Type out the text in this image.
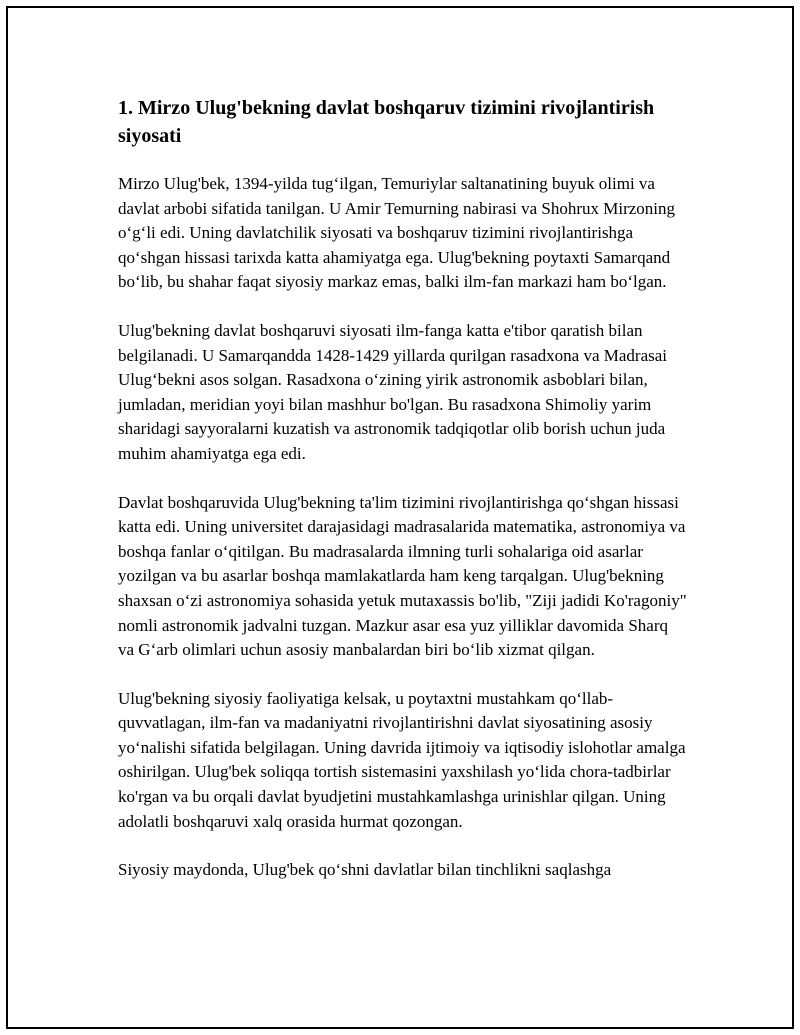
1. Mirzo Ulug'bekning davlat boshqaruv tizimini rivojlantirish siyosati

Mirzo Ulug'bek, 1394-yilda tug‘ilgan, Temuriylar saltanatining buyuk olimi va davlat arbobi sifatida tanilgan. U Amir Temurning nabirasi va Shohrux Mirzoning o‘g‘li edi. Uning davlatchilik siyosati va boshqaruv tizimini rivojlantirishga qo‘shgan hissasi tarixda katta ahamiyatga ega. Ulug'bekning poytaxti Samarqand bo‘lib, bu shahar faqat siyosiy markaz emas, balki ilm-fan markazi ham bo‘lgan.

Ulug'bekning davlat boshqaruvi siyosati ilm-fanga katta e'tibor qaratish bilan belgilanadi. U Samarqandda 1428-1429 yillarda qurilgan rasadxona va Madrasai Ulug‘bekni asos solgan. Rasadxona o‘zining yirik astronomik asboblari bilan, jumladan, meridian yoyi bilan mashhur bo'lgan. Bu rasadxona Shimoliy yarim sharidagi sayyoralarni kuzatish va astronomik tadqiqotlar olib borish uchun juda muhim ahamiyatga ega edi.

Davlat boshqaruvida Ulug'bekning ta'lim tizimini rivojlantirishga qo‘shgan hissasi katta edi. Uning universitet darajasidagi madrasalarida matematika, astronomiya va boshqa fanlar o‘qitilgan. Bu madrasalarda ilmning turli sohalariga oid asarlar yozilgan va bu asarlar boshqa mamlakatlarda ham keng tarqalgan. Ulug'bekning shaxsan o‘zi astronomiya sohasida yetuk mutaxassis bo'lib, "Ziji jadidi Ko'ragoniy" nomli astronomik jadvalni tuzgan. Mazkur asar esa yuz yilliklar davomida Sharq va G‘arb olimlari uchun asosiy manbalardan biri bo‘lib xizmat qilgan.

Ulug'bekning siyosiy faoliyatiga kelsak, u poytaxtni mustahkam qo‘llab-quvvatlagan, ilm-fan va madaniyatni rivojlantirishni davlat siyosatining asosiy yo‘nalishi sifatida belgilagan. Uning davrida ijtimoiy va iqtisodiy islohotlar amalga oshirilgan. Ulug'bek soliqqa tortish sistemasini yaxshilash yo‘lida chora-tadbirlar ko'rgan va bu orqali davlat byudjetini mustahkamlashga urinishlar qilgan. Uning adolatli boshqaruvi xalq orasida hurmat qozongan.

Siyosiy maydonda, Ulug'bek qo‘shni davlatlar bilan tinchlikni saqlashga
